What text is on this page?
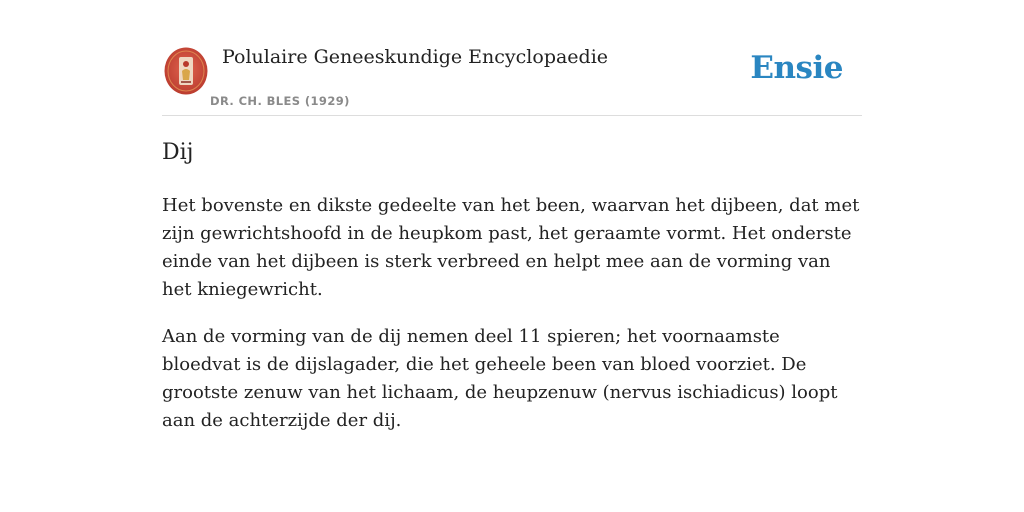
Polulaire Geneeskundige Encyclopaedie
DR. CH. BLES (1929)
Ensie
Dij

Het bovenste en dikste gedeelte van het been, waarvan het dijbeen, dat met zijn gewrichtshoofd in de heupkom past, het geraamte vormt. Het onderste einde van het dijbeen is sterk verbreed en helpt mee aan de vorming van het kniegewricht.

Aan de vorming van de dij nemen deel 11 spieren; het voornaamste bloedvat is de dijslagader, die het geheele been van bloed voorziet. De grootste zenuw van het lichaam, de heupzenuw (nervus ischiadicus) loopt aan de achterzijde der dij.
